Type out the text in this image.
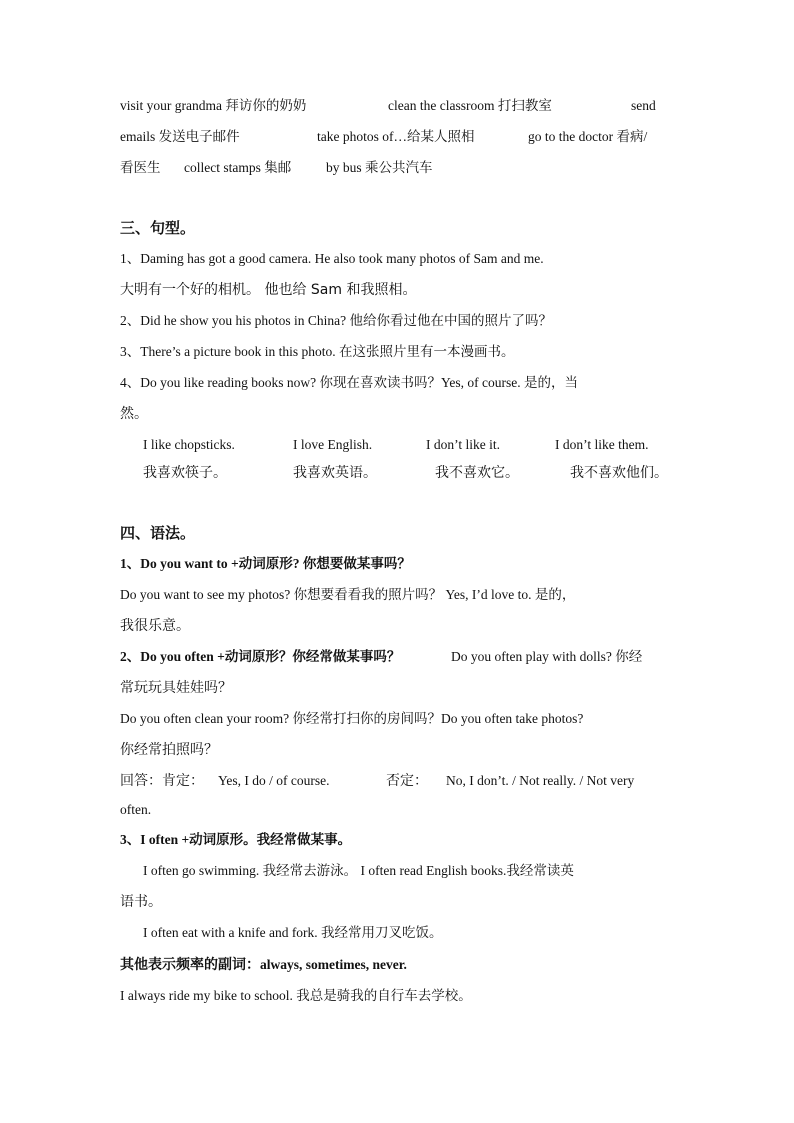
visit your grandma 拜访你的奶奶	clean the classroom 打扫教室	send
emails 发送电子邮件	take photos of…给某人照相	go to the doctor 看病/
看医生 collect stamps 集邮	by bus 乘公共汽车
三、句型。
1、Daming has got a good camera. He also took many photos of Sam and me.
大明有一个好的相机。 他也给 Sam 和我照相。
2、Did he show you his photos in China? 他给你看过他在中国的照片了吗？
3、There’s a picture book in this photo. 在这张照片里有一本漫画书。
4、Do you like reading books now? 你现在喜欢读书吗？Yes, of course. 是的，当
然。
I like chopsticks.	I love English.	I don’t like it.	I don’t like them.
我喜欢筷子。	我喜欢英语。	我不喜欢它。	我不喜欢他们。
四、语法。
1、Do you want to +动词原形? 你想要做某事吗？
Do you want to see my photos? 你想要看看我的照片吗？ Yes, I’d love to. 是的，
我很乐意。
2、Do you often +动词原形？你经常做某事吗？	Do you often play with dolls? 你经
常玩玩具娃娃吗？
Do you often clean your room? 你经常打扫你的房间吗？Do you often take photos?
你经常拍照吗？
回答：肯定： Yes, I do / of course.	否定： No, I don’t. / Not really. / Not very
often.
3、I often +动词原形。我经常做某事。
I often go swimming. 我经常去游泳。 I often read English books.我经常读英
语书。
I often eat with a knife and fork. 我经常用刀叉吃饭。
其他表示频率的副词：always, sometimes, never.
I always ride my bike to school. 我总是骑我的自行车去学校。
